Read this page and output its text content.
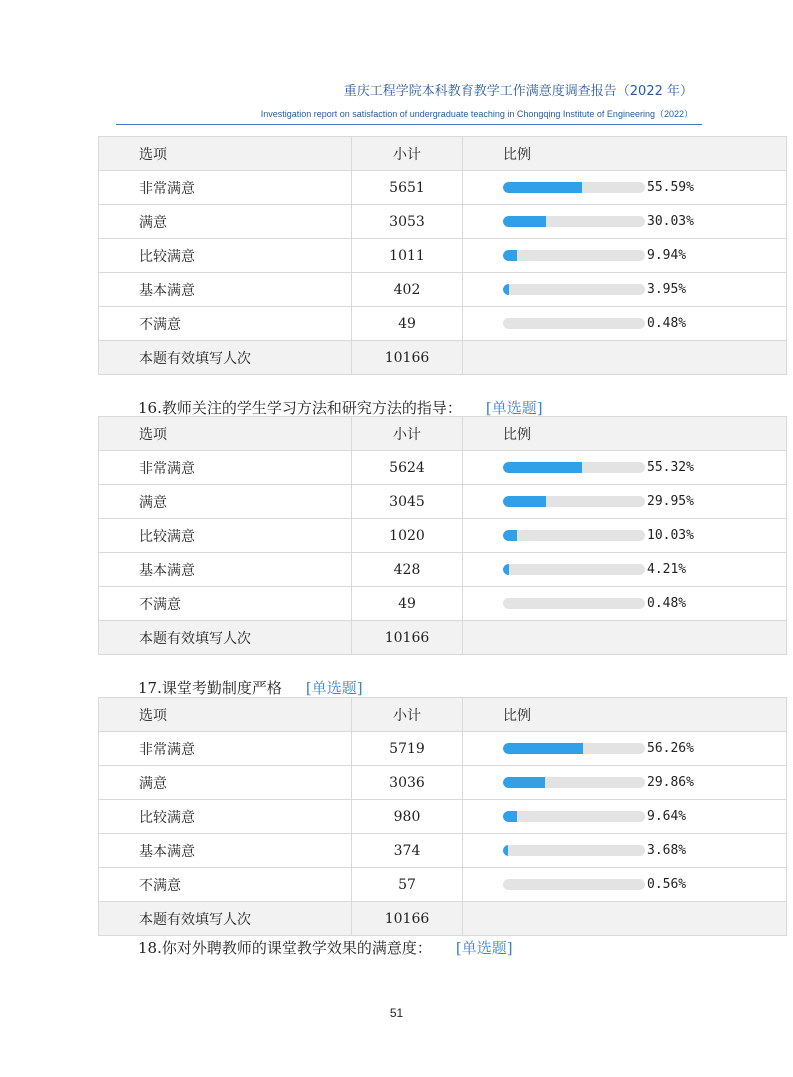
重庆工程学院本科教育教学工作满意度调查报告（2022 年）
Investigation report on satisfaction of undergraduate teaching in Chongqing Institute of Engineering（2022）
选项	小计	比例
非常满意	5651	55.59%

满意	3053	30.03%

比较满意	1011	9.94%

基本满意	402	3.95%

不满意	49	0.48%

本题有效填写人次	10166	
16.教师关注的学生学习方法和研究方法的指导： [单选题]
选项	小计	比例
非常满意	5624	55.32%

满意	3045	29.95%

比较满意	1020	10.03%

基本满意	428	4.21%

不满意	49	0.48%

本题有效填写人次	10166	
17.课堂考勤制度严格 [单选题]
选项	小计	比例
非常满意	5719	56.26%

满意	3036	29.86%

比较满意	980	9.64%

基本满意	374	3.68%

不满意	57	0.56%

本题有效填写人次	10166	
18.你对外聘教师的课堂教学效果的满意度： [单选题]
51
